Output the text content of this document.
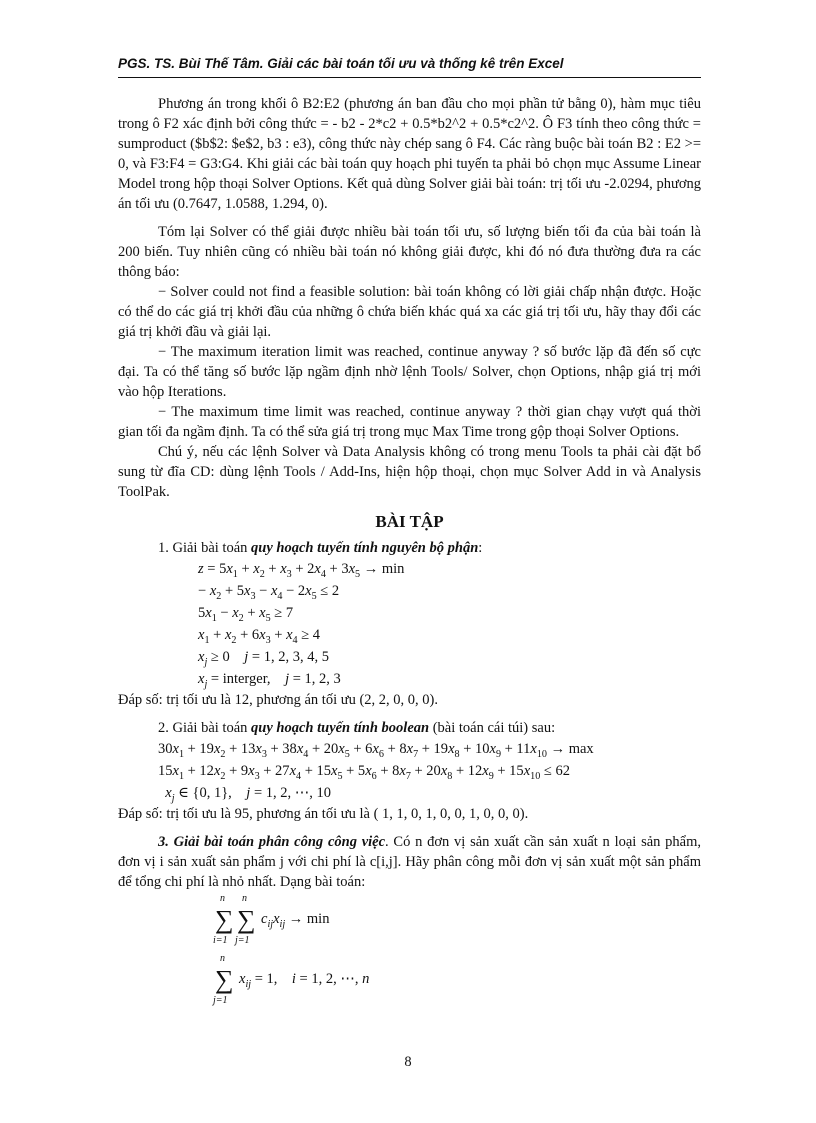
PGS. TS. Bùi Thế Tâm. Giải các bài toán tối ưu và thống kê trên Excel

Phương án trong khối ô B2:E2 (phương án ban đầu cho mọi phần tử bằng 0), hàm mục tiêu trong ô F2 xác định bởi công thức = - b2 - 2*c2 + 0.5*b2^2 + 0.5*c2^2. Ô F3 tính theo công thức = sumproduct ($b$2: $e$2, b3 : e3), công thức này chép sang ô F4. Các ràng buộc bài toán B2 : E2 >= 0, và F3:F4 = G3:G4. Khi giải các bài toán quy hoạch phi tuyến ta phải bỏ chọn mục Assume Linear Model trong hộp thoại Solver Options. Kết quả dùng Solver giải bài toán: trị tối ưu -2.0294, phương án tối ưu (0.7647, 1.0588, 1.294, 0).

Tóm lại Solver có thể giải được nhiều bài toán tối ưu, số lượng biến tối đa của bài toán là 200 biến. Tuy nhiên cũng có nhiều bài toán nó không giải được, khi đó nó đưa thường đưa ra các thông báo:

− Solver could not find a feasible solution: bài toán không có lời giải chấp nhận được. Hoặc có thể do các giá trị khởi đầu của những ô chứa biến khác quá xa các giá trị tối ưu, hãy thay đổi các giá trị khởi đầu và giải lại.

− The maximum iteration limit was reached, continue anyway ? số bước lặp đã đến số cực đại. Ta có thể tăng số bước lặp ngầm định nhờ lệnh Tools/ Solver, chọn Options, nhập giá trị mới vào hộp Iterations.

− The maximum time limit was reached, continue anyway ? thời gian chạy vượt quá thời gian tối đa ngầm định. Ta có thể sửa giá trị trong mục Max Time trong gộp thoại Solver Options.

Chú ý, nếu các lệnh Solver và Data Analysis không có trong menu Tools ta phải cài đặt bổ sung từ đĩa CD: dùng lệnh Tools / Add-Ins, hiện hộp thoại, chọn mục Solver Add in và Analysis ToolPak.

BÀI TẬP

1. Giải bài toán quy hoạch tuyến tính nguyên bộ phận:

$z = 5x_1 + x_2 + x_3 + 2x_4 + 3x_5 \to \min$
− $x_2 + 5x_3 - x_4 - 2x_5 \le 2$
$5x_1 - x_2 + x_5 \ge 7$
$x_1 + x_2 + 6x_3 + x_4 \ge 4$
$x_j \ge 0$    j = 1, 2, 3, 4, 5
$x_j$ = interger,    j = 1, 2, 3

Đáp số: trị tối ưu là 12, phương án tối ưu (2, 2, 0, 0, 0).

2. Giải bài toán quy hoạch tuyến tính boolean (bài toán cái túi) sau:

$30x_1 + 19x_2 + 13x_3 + 38x_4 + 20x_5 + 6x_6 + 8x_7 + 19x_8 + 10x_9 + 11x_{10} \to \max$
$15x_1 + 12x_2 + 9x_3 + 27x_4 + 15x_5 + 5x_6 + 8x_7 + 20x_8 + 12x_9 + 15x_{10} \le 62$
$x_j$ ∈ {0, 1},    j = 1, 2, ⋯, 10

Đáp số: trị tối ưu là 95, phương án tối ưu là ( 1, 1, 0, 1, 0, 0, 1, 0, 0, 0).

3. Giải bài toán phân công công việc. Có n đơn vị sản xuất cần sản xuất n loại sản phẩm, đơn vị i sản xuất sản phẩm j với chi phí là c[i,j]. Hãy phân công mỗi đơn vị sản xuất một sản phẩm để tổng chi phí là nhỏ nhất. Dạng bài toán:

n
∑
i=1
n
∑
j=1
$c_{ij}x_{ij} \to \min$
n
∑
j=1
$x_{ij} = 1$,    i = 1, 2, ⋯, n
8
